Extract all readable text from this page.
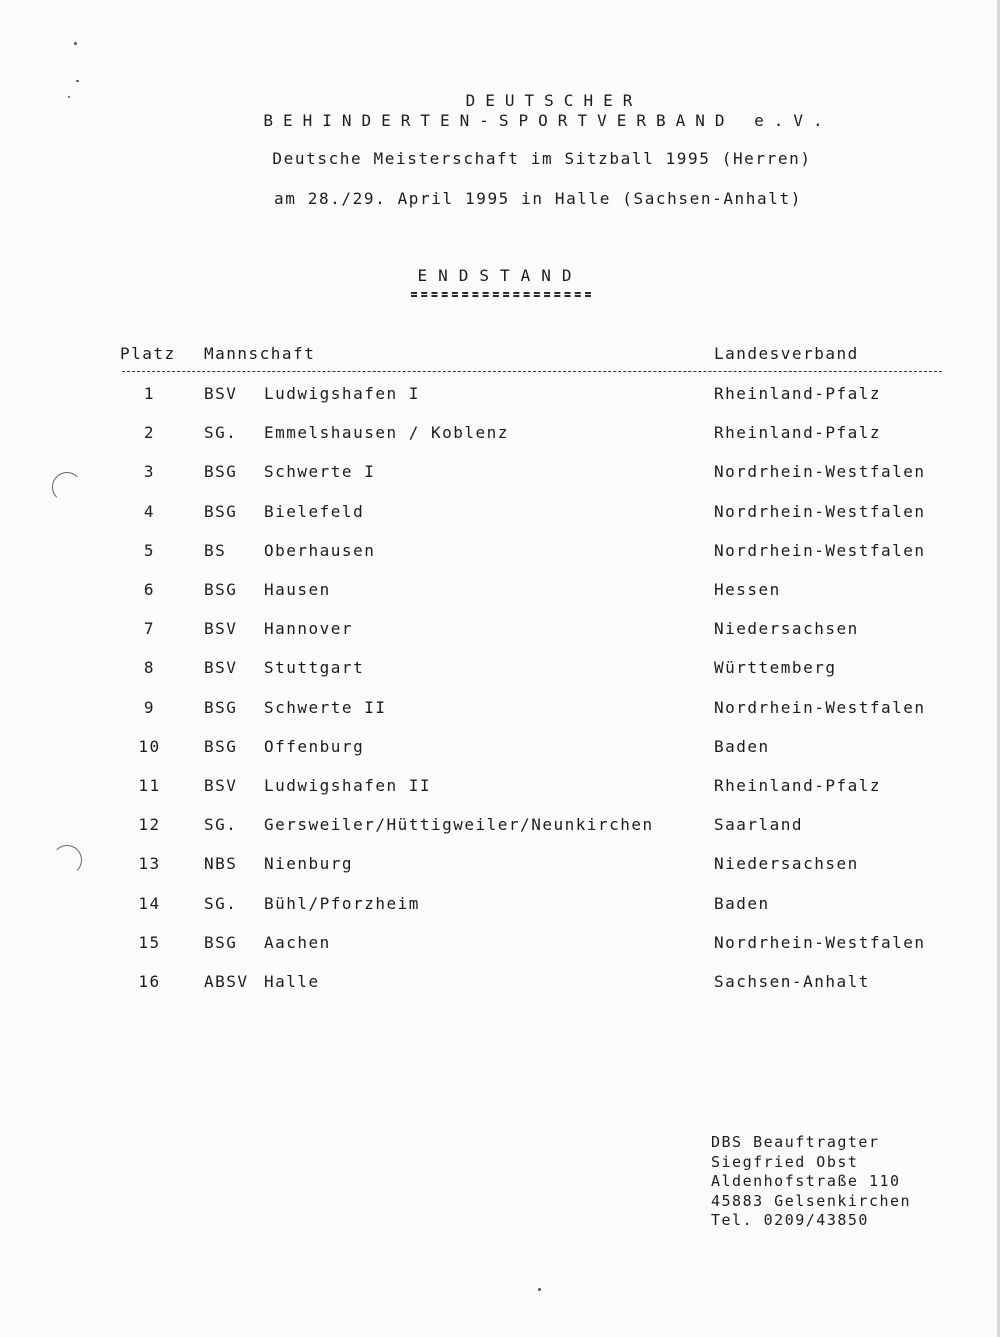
DEUTSCHER
BEHINDERTEN-SPORTVERBAND e.V.
Deutsche Meisterschaft im Sitzball 1995 (Herren)
am 28./29. April 1995 in Halle (Sachsen-Anhalt)
ENDSTAND
Platz Mannschaft	Landesverband
1	BSV Ludwigshafen I	Rheinland-Pfalz
2	SG. Emmelshausen / Koblenz	Rheinland-Pfalz
3	BSG Schwerte I	Nordrhein-Westfalen
4	BSG Bielefeld	Nordrhein-Westfalen
5	BS Oberhausen	Nordrhein-Westfalen
6	BSG Hausen	Hessen
7	BSV Hannover	Niedersachsen
8	BSV Stuttgart	Württemberg
9	BSG Schwerte II	Nordrhein-Westfalen
10	BSG Offenburg	Baden
11	BSV Ludwigshafen II	Rheinland-Pfalz
12	SG. Gersweiler/Hüttigweiler/Neunkirchen	Saarland
13	NBS Nienburg	Niedersachsen
14	SG. Bühl/Pforzheim	Baden
15	BSG Aachen	Nordrhein-Westfalen
16	ABSV Halle	Sachsen-Anhalt
DBS Beauftragter
Siegfried Obst
Aldenhofstraße 110
45883 Gelsenkirchen
Tel. 0209/43850
